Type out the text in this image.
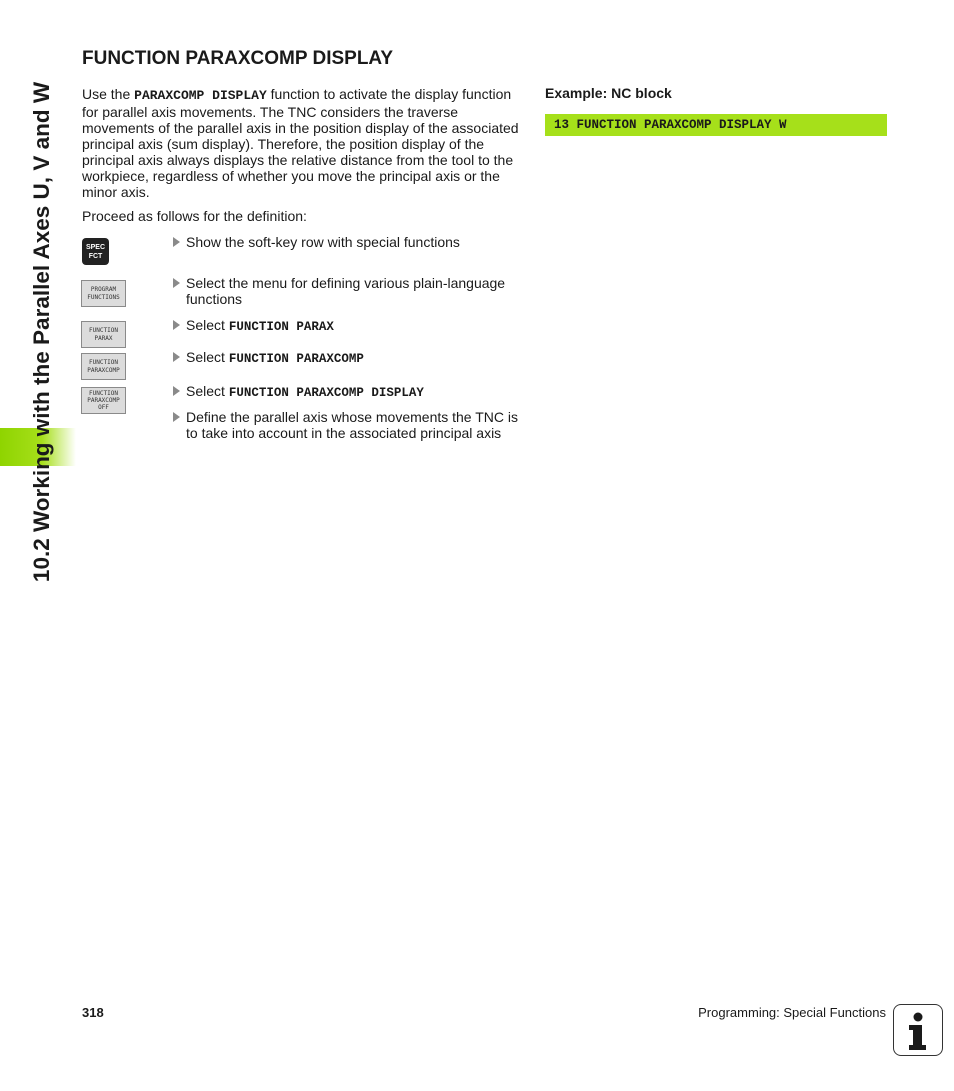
10.2 Working with the Parallel Axes U, V and W
FUNCTION PARAXCOMP DISPLAY

Use the PARAXCOMP DISPLAY function to activate the display function for parallel axis movements. The TNC considers the traverse movements of the parallel axis in the position display of the associated principal axis (sum display). Therefore, the position display of the principal axis always displays the relative distance from the tool to the workpiece, regardless of whether you move the principal axis or the minor axis.

Proceed as follows for the definition:

SPEC
FCT
PROGRAM
FUNCTIONS
FUNCTION
PARAX
FUNCTION
PARAXCOMP
FUNCTION
PARAXCOMP
OFF
Show the soft-key row with special functions
Select the menu for defining various plain-language functions
Select FUNCTION PARAX
Select FUNCTION PARAXCOMP
Select FUNCTION PARAXCOMP DISPLAY
Define the parallel axis whose movements the TNC is to take into account in the associated principal axis
Example: NC block
13 FUNCTION PARAXCOMP DISPLAY W
318	Programming: Special Functions
